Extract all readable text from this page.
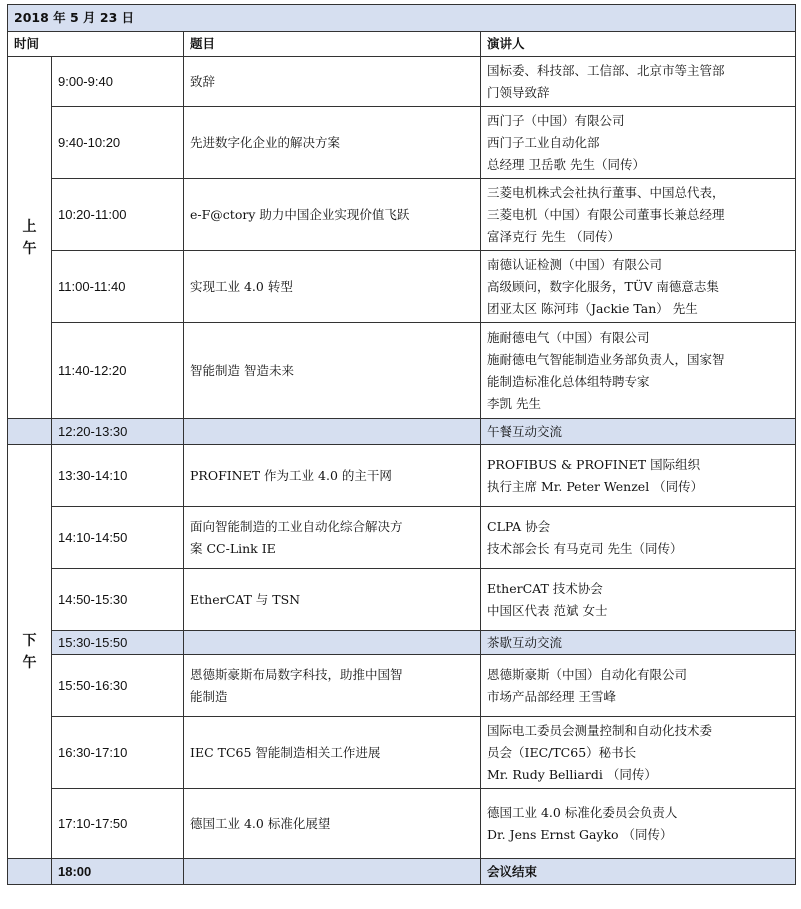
2018 年 5 月 23 日			
时间		题目	演讲人
上
午	9:00-9:40	致辞	国标委、科技部、工信部、北京市等主管部
门领导致辞

	9:40-10:20	先进数字化企业的解决方案	西门子（中国）有限公司
西门子工业自动化部
总经理 卫岳歌 先生（同传）

	10:20-11:00	e-F@ctory 助力中国企业实现价值飞跃	三菱电机株式会社执行董事、中国总代表，
三菱电机（中国）有限公司董事长兼总经理
富泽克行 先生 （同传）

	11:00-11:40	实现工业 4.0 转型	南德认证检测（中国）有限公司
高级顾问，数字化服务，TÜV 南德意志集
团亚太区 陈河玮（Jackie Tan） 先生

	11:40-12:20	智能制造 智造未来	施耐德电气（中国）有限公司
施耐德电气智能制造业务部负责人，国家智
能制造标准化总体组特聘专家
李凯 先生

	12:20-13:30		午餐互动交流
下
午	13:30-14:10	PROFINET 作为工业 4.0 的主干网	PROFIBUS & PROFINET 国际组织
执行主席 Mr. Peter Wenzel （同传）

	14:10-14:50	面向智能制造的工业自动化综合解决方
案 CC-Link IE	CLPA 协会
技术部会长 有马克司 先生（同传）

	14:50-15:30	EtherCAT 与 TSN	EtherCAT 技术协会
中国区代表 范斌 女士

	15:30-15:50		茶歇互动交流
	15:50-16:30	恩德斯豪斯布局数字科技，助推中国智
能制造	恩德斯豪斯（中国）自动化有限公司
市场产品部经理 王雪峰

	16:30-17:10	IEC TC65 智能制造相关工作进展	国际电工委员会测量控制和自动化技术委
员会（IEC/TC65）秘书长
Mr. Rudy Belliardi （同传）

	17:10-17:50	德国工业 4.0 标准化展望	德国工业 4.0 标准化委员会负责人
Dr. Jens Ernst Gayko （同传）

	18:00		会议结束
